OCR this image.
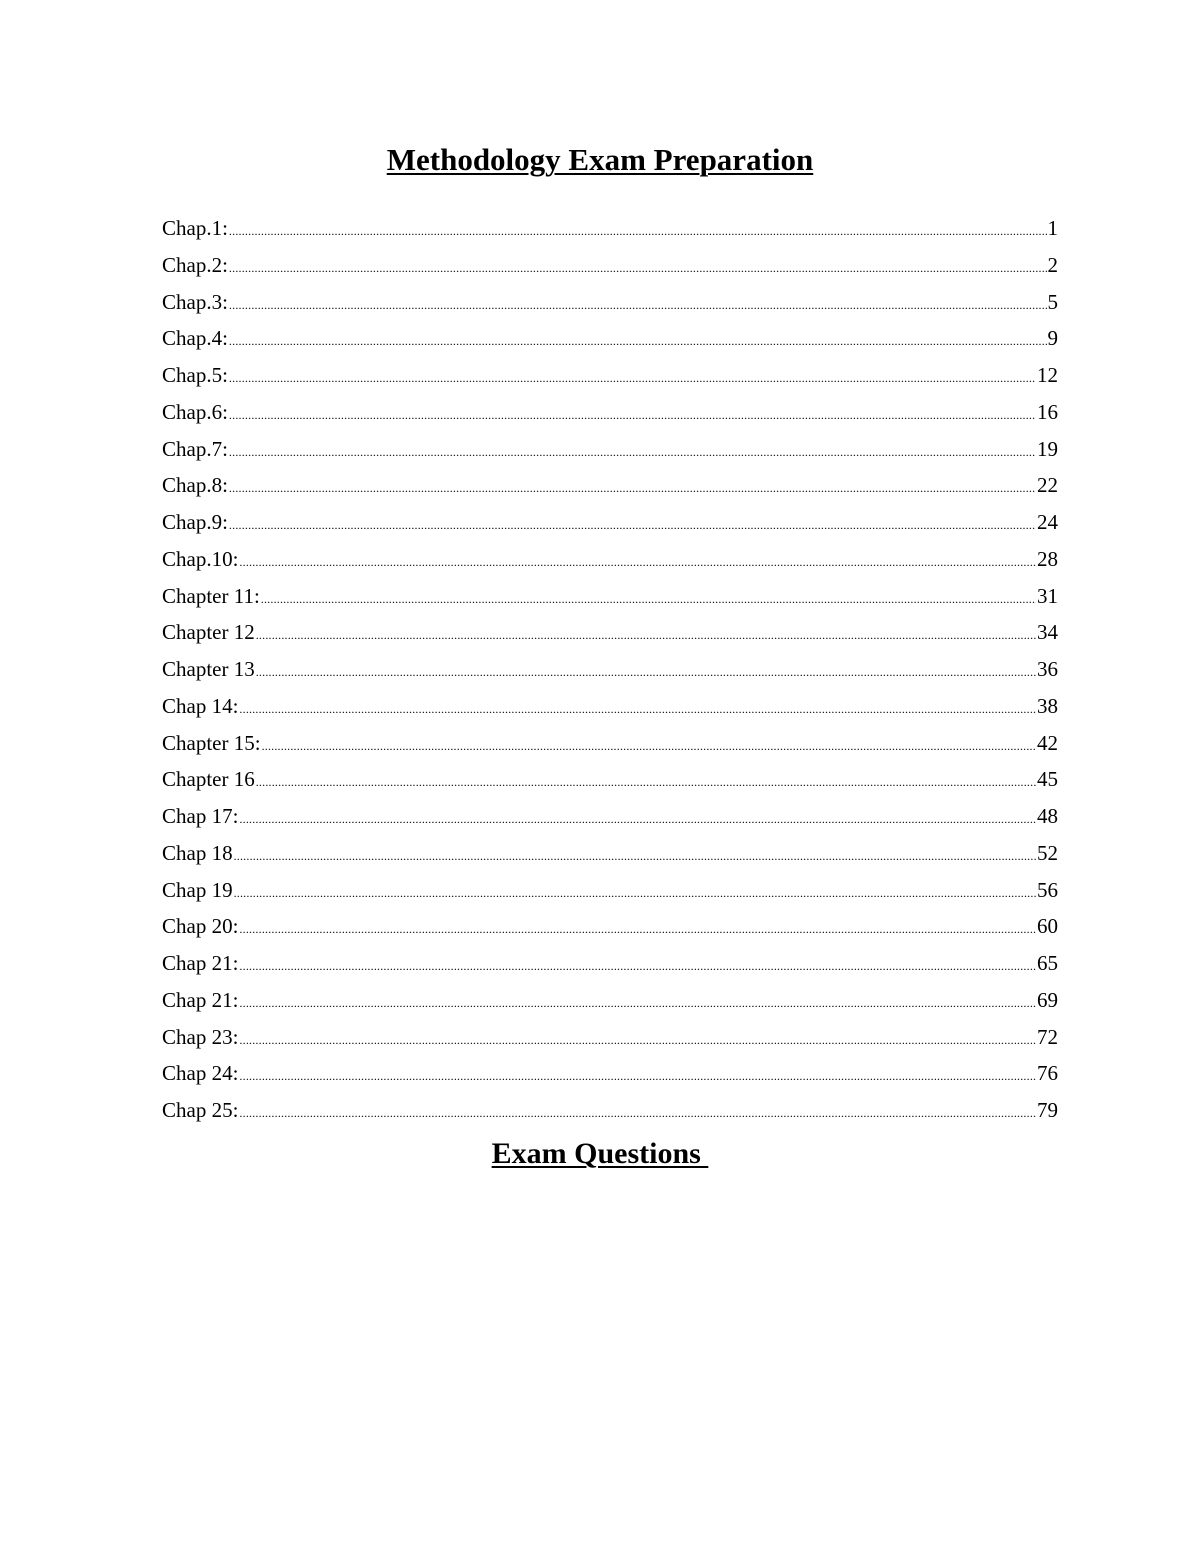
Methodology Exam Preparation
Chap.1: .....	1
Chap.2: .....	2
Chap.3: .....	5
Chap.4: .....	9
Chap.5: .....	12
Chap.6: .....	16
Chap.7: .....	19
Chap.8: .....	22
Chap.9: .....	24
Chap.10: .....	28
Chapter 11: .....	31
Chapter 12 .....	34
Chapter 13 .....	36
Chap 14: .....	38
Chapter 15: .....	42
Chapter 16 .....	45
Chap 17: .....	48
Chap 18 .....	52
Chap 19 .....	56
Chap 20: .....	60
Chap 21: .....	65
Chap 21: .....	69
Chap 23: .....	72
Chap 24: .....	76
Chap 25: .....	79
Exam Questions
